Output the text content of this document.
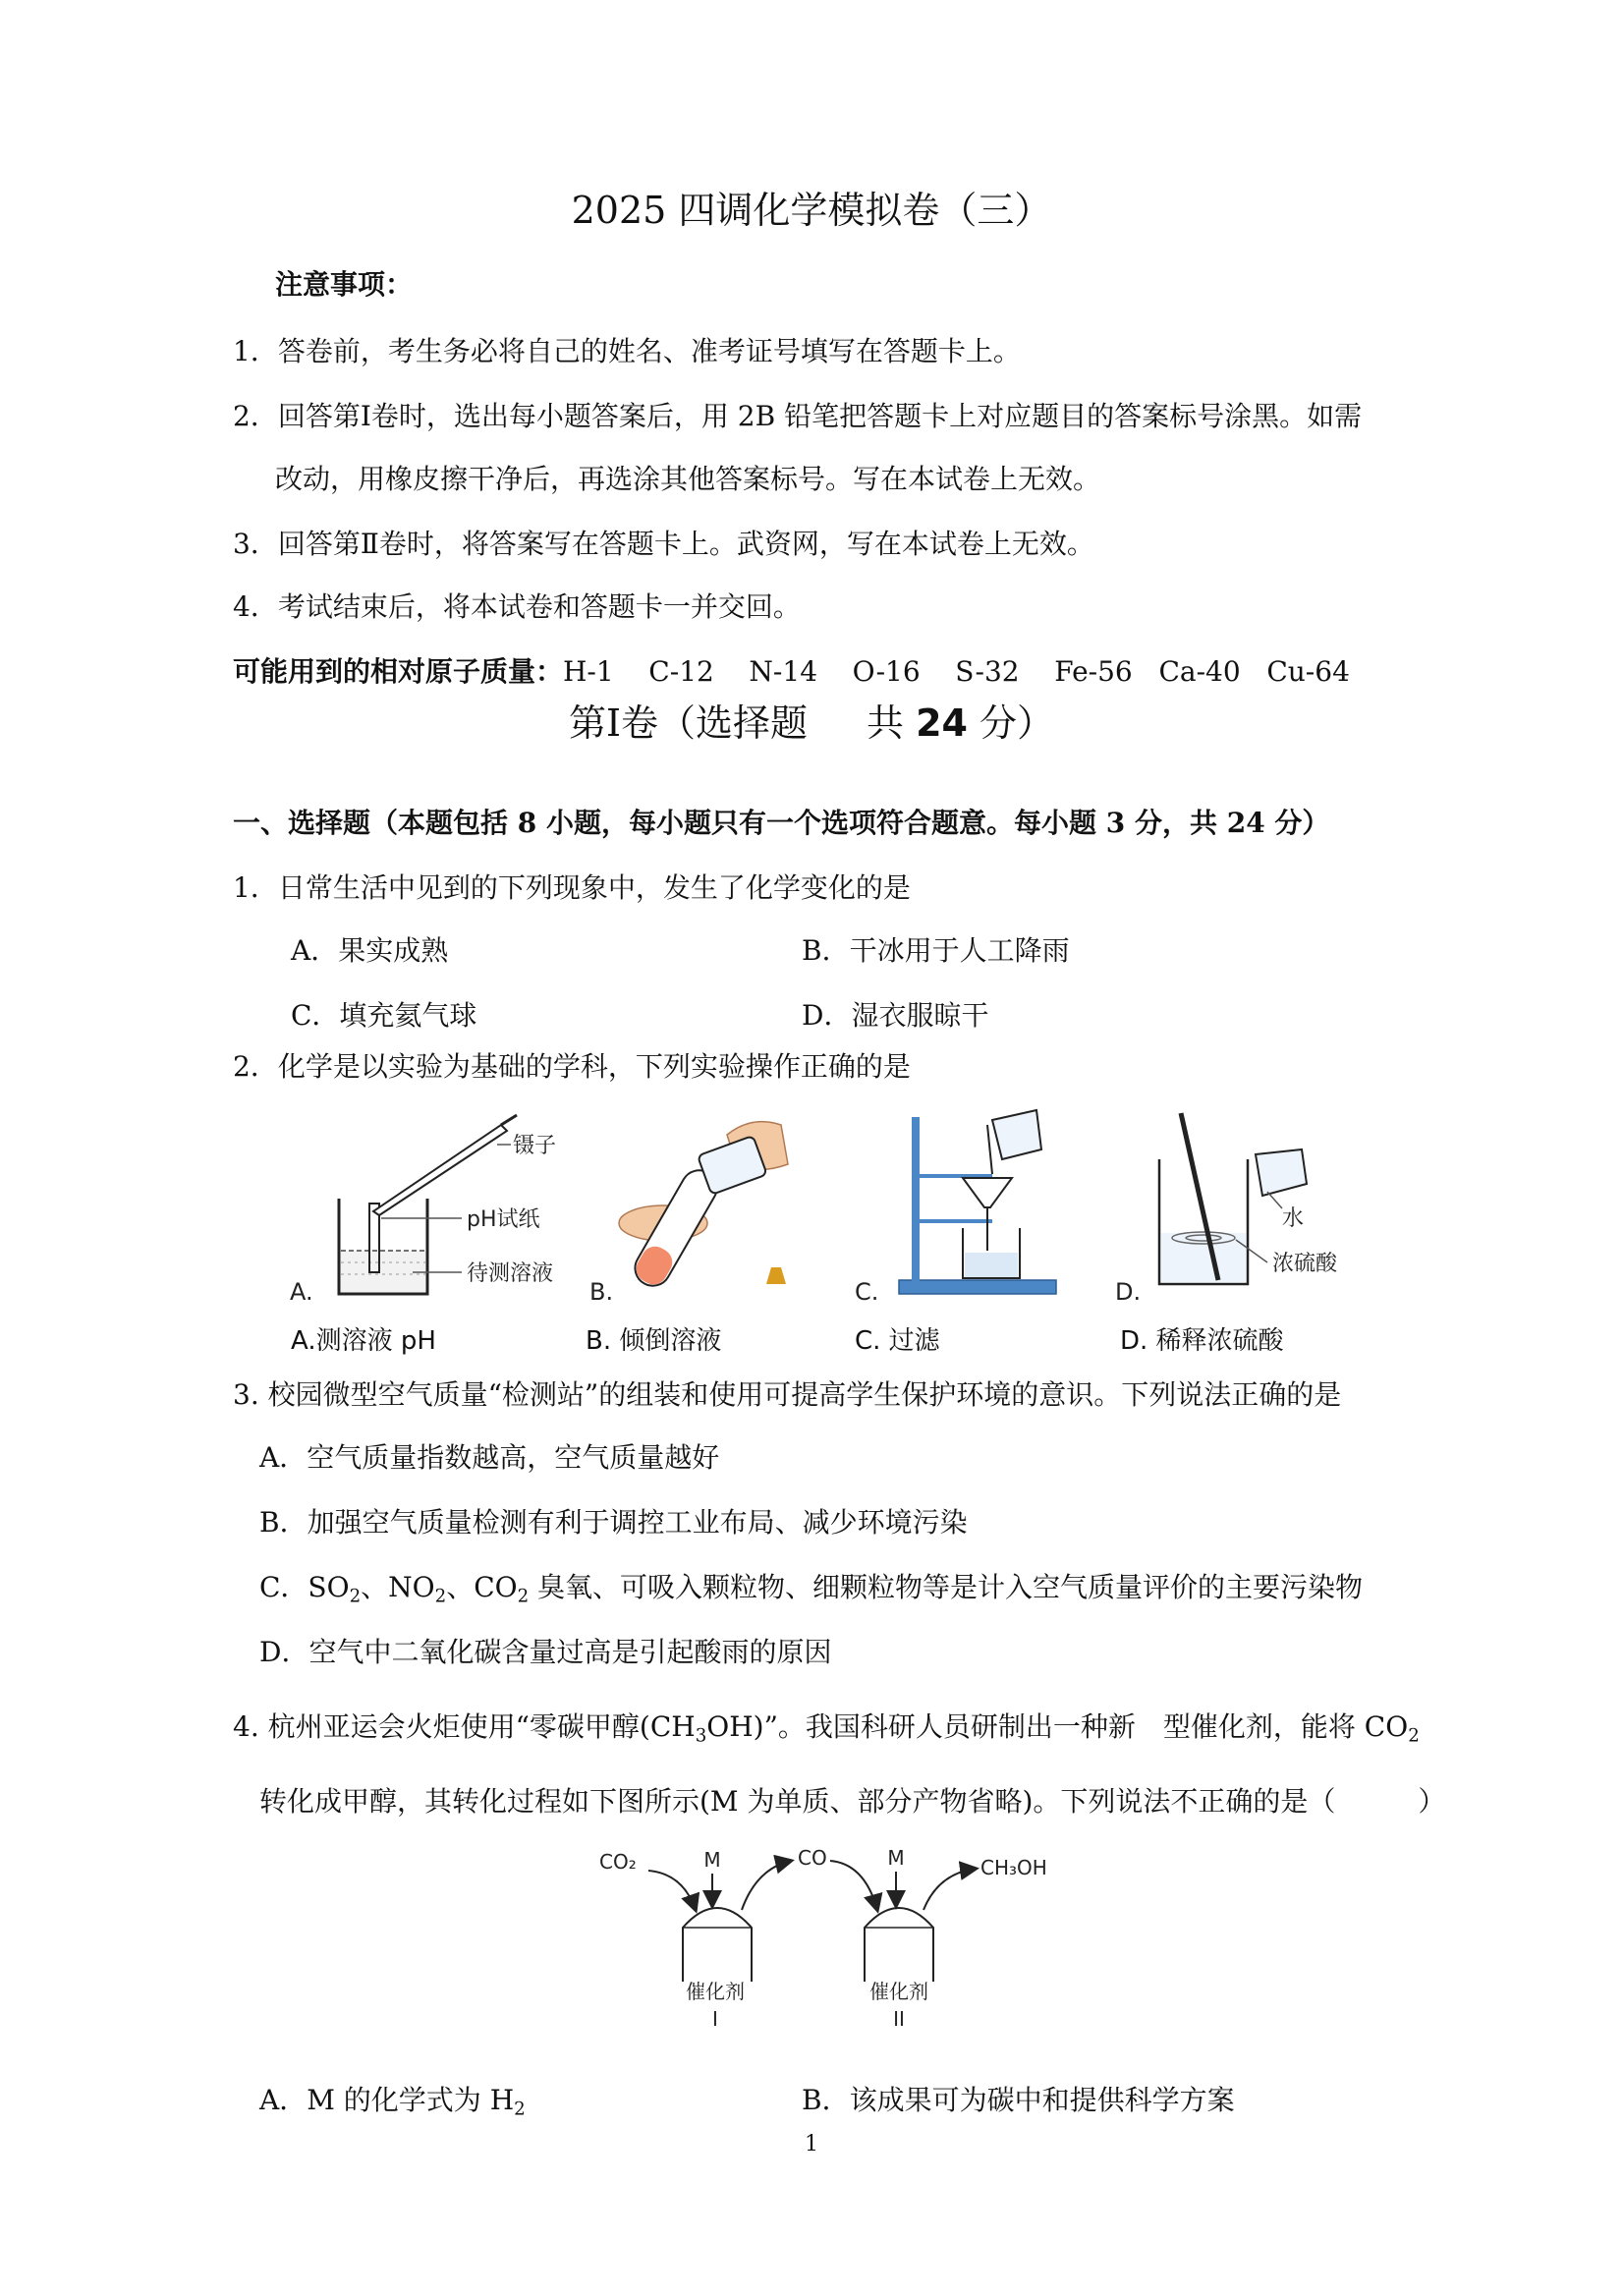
2025 四调化学模拟卷（三）
注意事项：
1．答卷前，考生务必将自己的姓名、准考证号填写在答题卡上。
2．回答第Ⅰ卷时，选出每小题答案后，用 2B 铅笔把答题卡上对应题目的答案标号涂黑。如需
改动，用橡皮擦干净后，再选涂其他答案标号。写在本试卷上无效。
3．回答第Ⅱ卷时，将答案写在答题卡上。武资网，写在本试卷上无效。
4．考试结束后，将本试卷和答题卡一并交回。
可能用到的相对原子质量：H-1    C-12    N-14    O-16    S-32    Fe-56   Ca-40   Cu-64
第Ⅰ卷（选择题 共 24 分）
一、选择题（本题包括 8 小题，每小题只有一个选项符合题意。每小题 3 分，共 24 分）
1．日常生活中见到的下列现象中，发生了化学变化的是
A．果实成熟	B．干冰用于人工降雨
C．填充氦气球	D．湿衣服晾干
2．化学是以实验为基础的学科，下列实验操作正确的是
镊子
pH试纸
待测溶液
A.	B.	C.
水
浓硫酸
D.
A.测溶液 pH	B. 倾倒溶液	C. 过滤	D. 稀释浓硫酸
3. 校园微型空气质量“检测站”的组装和使用可提高学生保护环境的意识。下列说法正确的是
A．空气质量指数越高，空气质量越好
B．加强空气质量检测有利于调控工业布局、减少环境污染
C．$SO_2$、$NO_2$、$CO_2$ 臭氧、可吸入颗粒物、细颗粒物等是计入空气质量评价的主要污染物
D．空气中二氧化碳含量过高是引起酸雨的原因
4. 杭州亚运会火炬使用“零碳甲醇$(CH_3OH)$”。我国科研人员研制出一种新　型催化剂，能将 $CO_2$
转化成甲醇，其转化过程如下图所示(M 为单质、部分产物省略)。下列说法不正确的是（　　　）
催化剂
I
催化剂
II
CO₂	M	CO	M	CH₃OH
A．M 的化学式为 $H_2$	B．该成果可为碳中和提供科学方案
1
